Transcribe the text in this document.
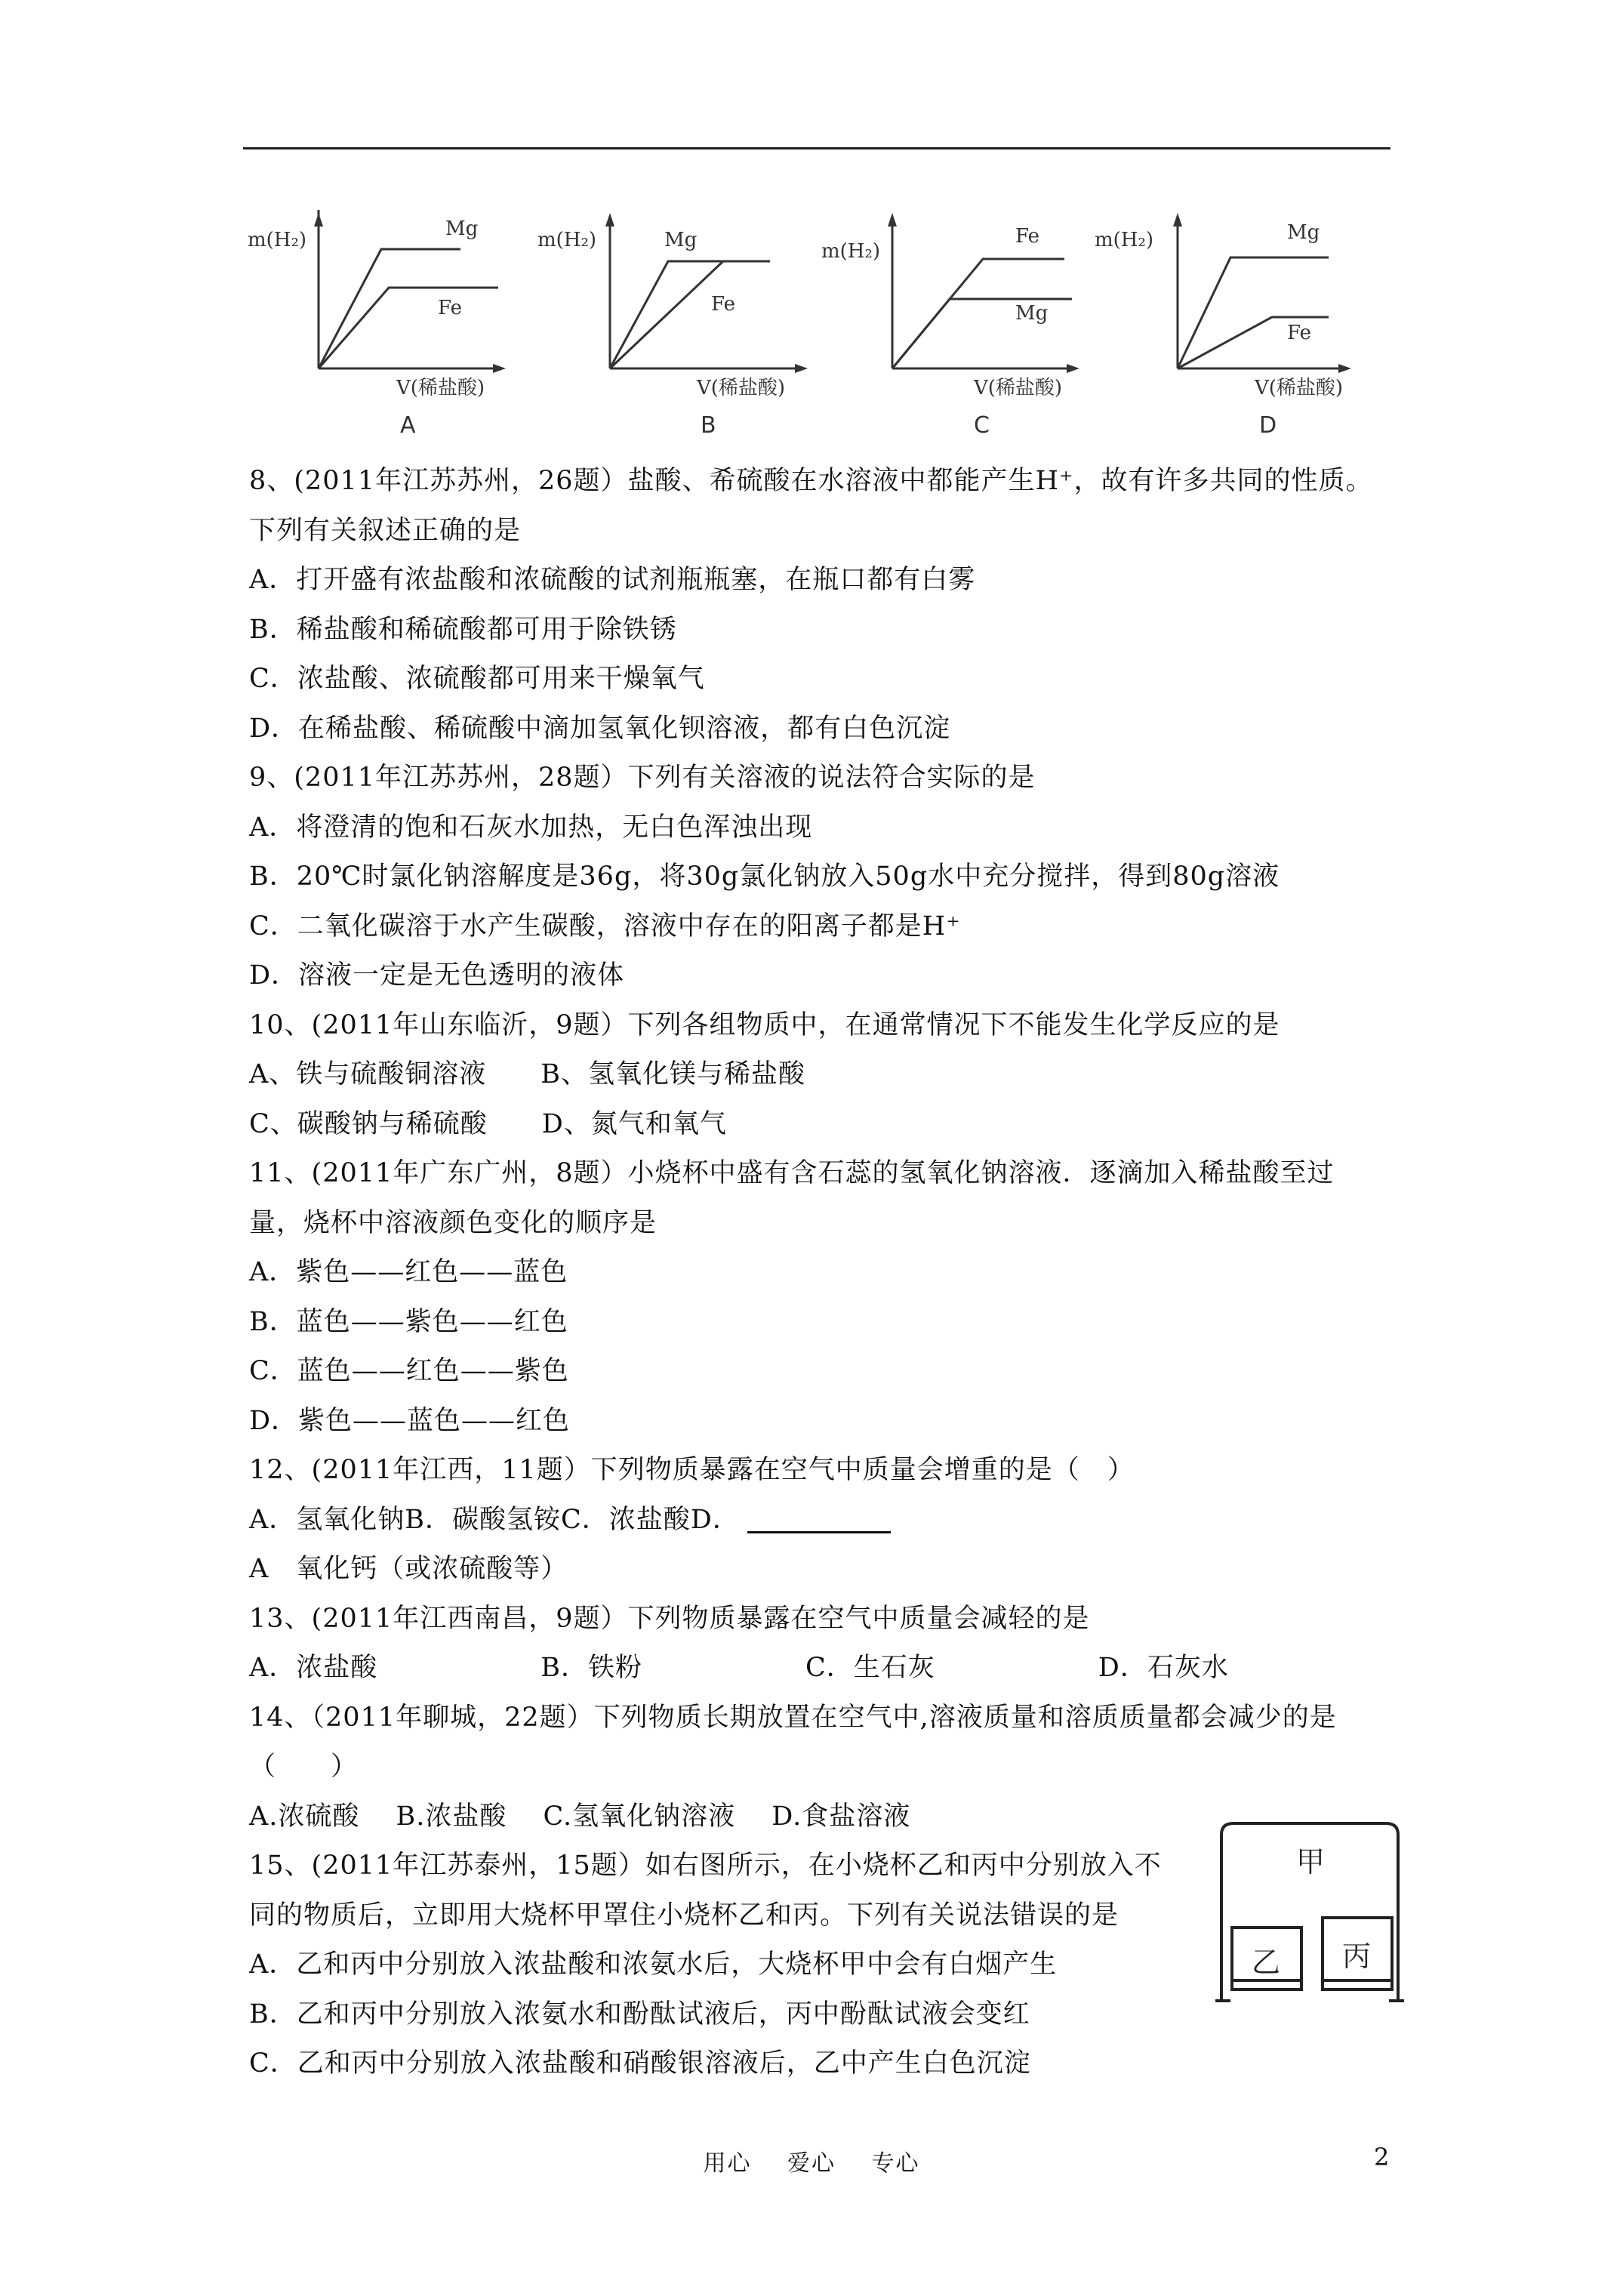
m(H₂)	Mg
Fe
V(稀盐酸)
A
m(H₂)	Mg
Fe
V(稀盐酸)
B
m(H₂)
Fe
Mg
V(稀盐酸)
C
m(H₂)	Mg
Fe
V(稀盐酸)
D
8、(2011年江苏苏州，26题）盐酸、希硫酸在水溶液中都能产生H⁺，故有许多共同的性质。
下列有关叙述正确的是
A．打开盛有浓盐酸和浓硫酸的试剂瓶瓶塞，在瓶口都有白雾
B．稀盐酸和稀硫酸都可用于除铁锈
C．浓盐酸、浓硫酸都可用来干燥氧气
D．在稀盐酸、稀硫酸中滴加氢氧化钡溶液，都有白色沉淀
9、(2011年江苏苏州，28题）下列有关溶液的说法符合实际的是
A．将澄清的饱和石灰水加热，无白色浑浊出现
B．20℃时氯化钠溶解度是36g，将30g氯化钠放入50g水中充分搅拌，得到80g溶液
C．二氧化碳溶于水产生碳酸，溶液中存在的阳离子都是H⁺
D．溶液一定是无色透明的液体
10、(2011年山东临沂，9题）下列各组物质中，在通常情况下不能发生化学反应的是
A、铁与硫酸铜溶液　　B、氢氧化镁与稀盐酸
C、碳酸钠与稀硫酸　　D、氮气和氧气
11、(2011年广东广州，8题）小烧杯中盛有含石蕊的氢氧化钠溶液．逐滴加入稀盐酸至过
量，烧杯中溶液颜色变化的顺序是
A．紫色——红色——蓝色
B．蓝色——紫色——红色
C．蓝色——红色——紫色
D．紫色——蓝色——红色
12、(2011年江西，11题）下列物质暴露在空气中质量会增重的是（　）
A．氢氧化钠B．碳酸氢铵C．浓盐酸D．
A　氧化钙（或浓硫酸等）
13、(2011年江西南昌，9题）下列物质暴露在空气中质量会减轻的是
A．浓盐酸　　　　　　B．铁粉　　　　　　C．生石灰　　　　　　D．石灰水
14、（2011年聊城，22题）下列物质长期放置在空气中,溶液质量和溶质质量都会减少的是
（　　）
A.浓硫酸　 B.浓盐酸　 C.氢氧化钠溶液　 D.食盐溶液
15、(2011年江苏泰州，15题）如右图所示，在小烧杯乙和丙中分别放入不
同的物质后，立即用大烧杯甲罩住小烧杯乙和丙。下列有关说法错误的是
A．乙和丙中分别放入浓盐酸和浓氨水后，大烧杯甲中会有白烟产生
B．乙和丙中分别放入浓氨水和酚酞试液后，丙中酚酞试液会变红
C．乙和丙中分别放入浓盐酸和硝酸银溶液后，乙中产生白色沉淀
甲
乙 丙
用心 爱心 专心	2
